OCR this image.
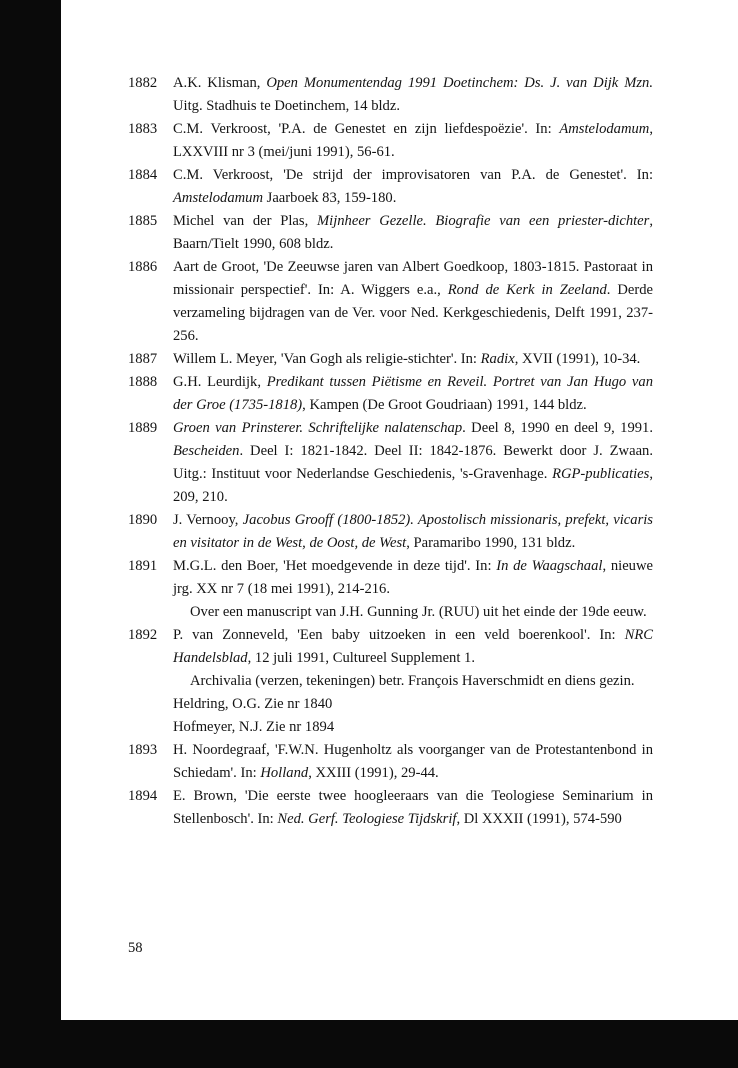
1882 A.K. Klisman, Open Monumentendag 1991 Doetinchem: Ds. J. van Dijk Mzn. Uitg. Stadhuis te Doetinchem, 14 bldz.
1883 C.M. Verkroost, 'P.A. de Genestet en zijn liefdespoëzie'. In: Amstelodamum, LXXVIII nr 3 (mei/juni 1991), 56-61.
1884 C.M. Verkroost, 'De strijd der improvisatoren van P.A. de Genestet'. In: Amstelodamum Jaarboek 83, 159-180.
1885 Michel van der Plas, Mijnheer Gezelle. Biografie van een priester-dichter, Baarn/Tielt 1990, 608 bldz.
1886 Aart de Groot, 'De Zeeuwse jaren van Albert Goedkoop, 1803-1815. Pastoraat in missionair perspectief'. In: A. Wiggers e.a., Rond de Kerk in Zeeland. Derde verzameling bijdragen van de Ver. voor Ned. Kerkgeschiedenis, Delft 1991, 237-256.
1887 Willem L. Meyer, 'Van Gogh als religie-stichter'. In: Radix, XVII (1991), 10-34.
1888 G.H. Leurdijk, Predikant tussen Piëtisme en Reveil. Portret van Jan Hugo van der Groe (1735-1818), Kampen (De Groot Goudriaan) 1991, 144 bldz.
1889 Groen van Prinsterer. Schriftelijke nalatenschap. Deel 8, 1990 en deel 9, 1991. Bescheiden. Deel I: 1821-1842. Deel II: 1842-1876. Bewerkt door J. Zwaan. Uitg.: Instituut voor Nederlandse Geschiedenis, 's-Gravenhage. RGP-publicaties, 209, 210.
1890 J. Vernooy, Jacobus Grooff (1800-1852). Apostolisch missionaris, prefekt, vicaris en visitator in de West, de Oost, de West, Paramaribo 1990, 131 bldz.
1891 M.G.L. den Boer, 'Het moedgevende in deze tijd'. In: In de Waagschaal, nieuwe jrg. XX nr 7 (18 mei 1991), 214-216.
Over een manuscript van J.H. Gunning Jr. (RUU) uit het einde der 19de eeuw.
1892 P. van Zonneveld, 'Een baby uitzoeken in een veld boerenkool'. In: NRC Handelsblad, 12 juli 1991, Cultureel Supplement 1.
Archivalia (verzen, tekeningen) betr. François Haverschmidt en diens gezin.
Heldring, O.G. Zie nr 1840
Hofmeyer, N.J. Zie nr 1894
1893 H. Noordegraaf, 'F.W.N. Hugenholtz als voorganger van de Protestantenbond in Schiedam'. In: Holland, XXIII (1991), 29-44.
1894 E. Brown, 'Die eerste twee hoogleeraars van die Teologiese Seminarium in Stellenbosch'. In: Ned. Gerf. Teologiese Tijdskrif, Dl XXXII (1991), 574-590
58
